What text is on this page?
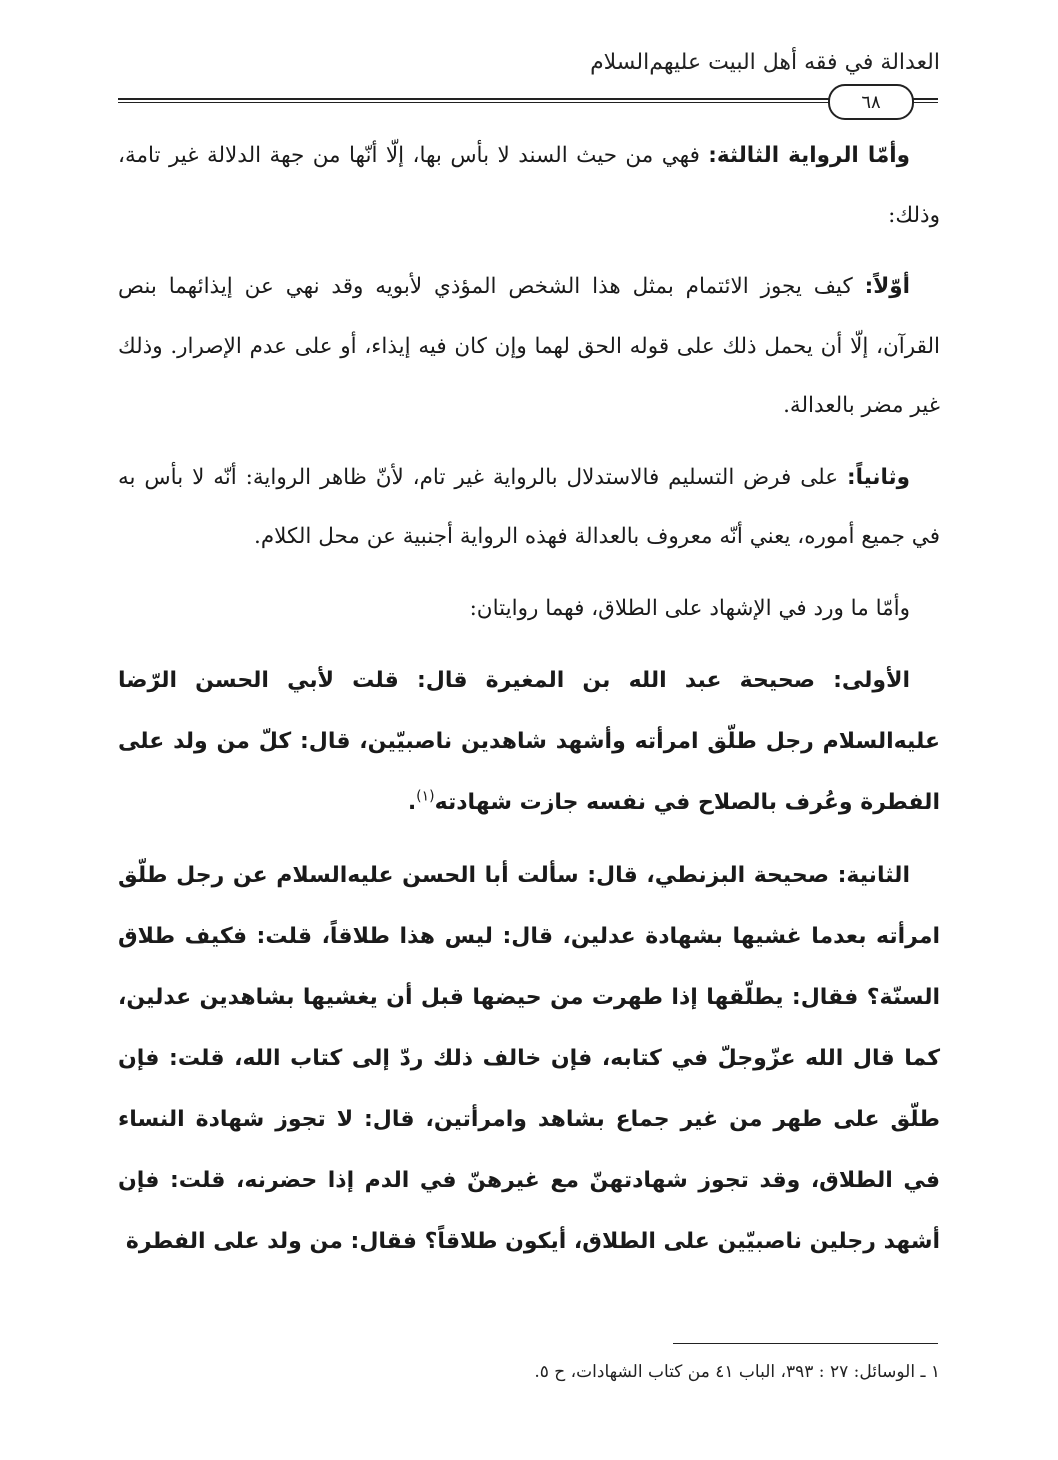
العدالة في فقه أهل البيت عليهم‌السلام
٦٨

وأمّا الرواية الثالثة: فهي من حيث السند لا بأس بها، إلّا أنّها من جهة الدلالة غير تامة، وذلك:

أوّلاً: كيف يجوز الائتمام بمثل هذا الشخص المؤذي لأبويه وقد نهي عن إيذائهما بنص القرآن، إلّا أن يحمل ذلك على قوله الحق لهما وإن كان فيه إيذاء، أو على عدم الإصرار. وذلك غير مضر بالعدالة.

وثانياً: على فرض التسليم فالاستدلال بالرواية غير تام، لأنّ ظاهر الرواية: أنّه لا بأس به في جميع أموره، يعني أنّه معروف بالعدالة فهذه الرواية أجنبية عن محل الكلام.

وأمّا ما ورد في الإشهاد على الطلاق، فهما روايتان:

الأولى: صحيحة عبد الله بن المغيرة قال: قلت لأبي الحسن الرّضا عليه‌السلام رجل طلّق امرأته وأشهد شاهدين ناصبيّين، قال: كلّ من ولد على الفطرة وعُرف بالصلاح في نفسه جازت شهادته$^{(١)}$.

الثانية: صحيحة البزنطي، قال: سألت أبا الحسن عليه‌السلام عن رجل طلّق امرأته بعدما غشيها بشهادة عدلين، قال: ليس هذا طلاقاً، قلت: فكيف طلاق السنّة؟ فقال: يطلّقها إذا طهرت من حيضها قبل أن يغشيها بشاهدين عدلين، كما قال الله عزّوجلّ في كتابه، فإن خالف ذلك ردّ إلى كتاب الله، قلت: فإن طلّق على طهر من غير جماع بشاهد وامرأتين، قال: لا تجوز شهادة النساء في الطلاق، وقد تجوز شهادتهنّ مع غيرهنّ في الدم إذا حضرنه، قلت: فإن أشهد رجلين ناصبيّين على الطلاق، أيكون طلاقاً؟ فقال: من ولد على الفطرة

١ ـ الوسائل: ٢٧ : ٣٩٣، الباب ٤١ من كتاب الشهادات، ح ٥.
